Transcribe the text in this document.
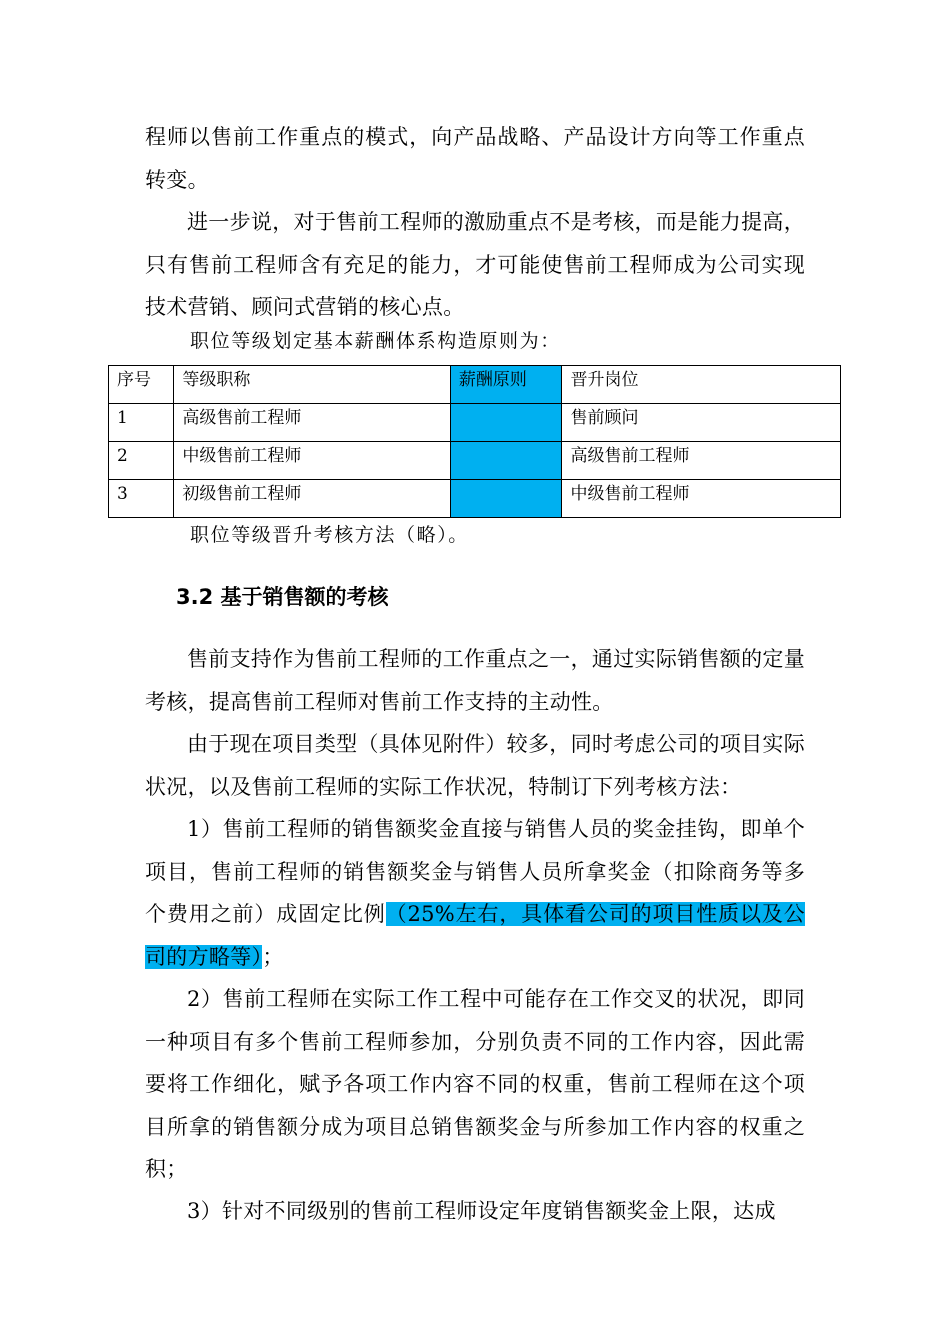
程师以售前工作重点的模式，向产品战略、产品设计方向等工作重点转变。

进一步说，对于售前工程师的激励重点不是考核，而是能力提高，只有售前工程师含有充足的能力，才可能使售前工程师成为公司实现技术营销、顾问式营销的核心点。

职位等级划定基本薪酬体系构造原则为：

序号	等级职称	薪酬原则	晋升岗位
1	高级售前工程师		售前顾问
2	中级售前工程师		高级售前工程师
3	初级售前工程师		中级售前工程师

职位等级晋升考核方法（略）。

3.2 基于销售额的考核

售前支持作为售前工程师的工作重点之一，通过实际销售额的定量考核，提高售前工程师对售前工作支持的主动性。

由于现在项目类型（具体见附件）较多，同时考虑公司的项目实际状况，以及售前工程师的实际工作状况，特制订下列考核方法：

1）售前工程师的销售额奖金直接与销售人员的奖金挂钩，即单个项目，售前工程师的销售额奖金与销售人员所拿奖金（扣除商务等多个费用之前）成固定比例（25%左右，具体看公司的项目性质以及公司的方略等）；

2）售前工程师在实际工作工程中可能存在工作交叉的状况，即同一种项目有多个售前工程师参加，分别负责不同的工作内容，因此需要将工作细化，赋予各项工作内容不同的权重，售前工程师在这个项目所拿的销售额分成为项目总销售额奖金与所参加工作内容的权重之积；

3）针对不同级别的售前工程师设定年度销售额奖金上限，达成
